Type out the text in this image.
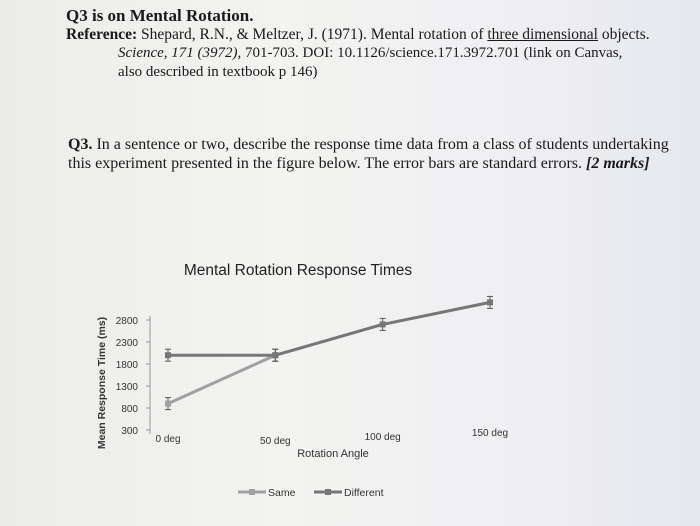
Q3 is on Mental Rotation.
Reference: Shepard, R.N., & Meltzer, J. (1971). Mental rotation of three dimensional objects.
Science, 171 (3972), 701-703. DOI: 10.1126/science.171.3972.701 (link on Canvas,
also described in textbook p 146)
Q3. In a sentence or two, describe the response time data from a class of students undertaking
this experiment presented in the figure below. The error bars are standard errors. [2 marks]
Mental Rotation Response Times
2800
2300
1800
1300
800
300
Mean Response Time (ms)	0 deg	50 deg	100 deg	150 deg
Rotation Angle
Same	Different
